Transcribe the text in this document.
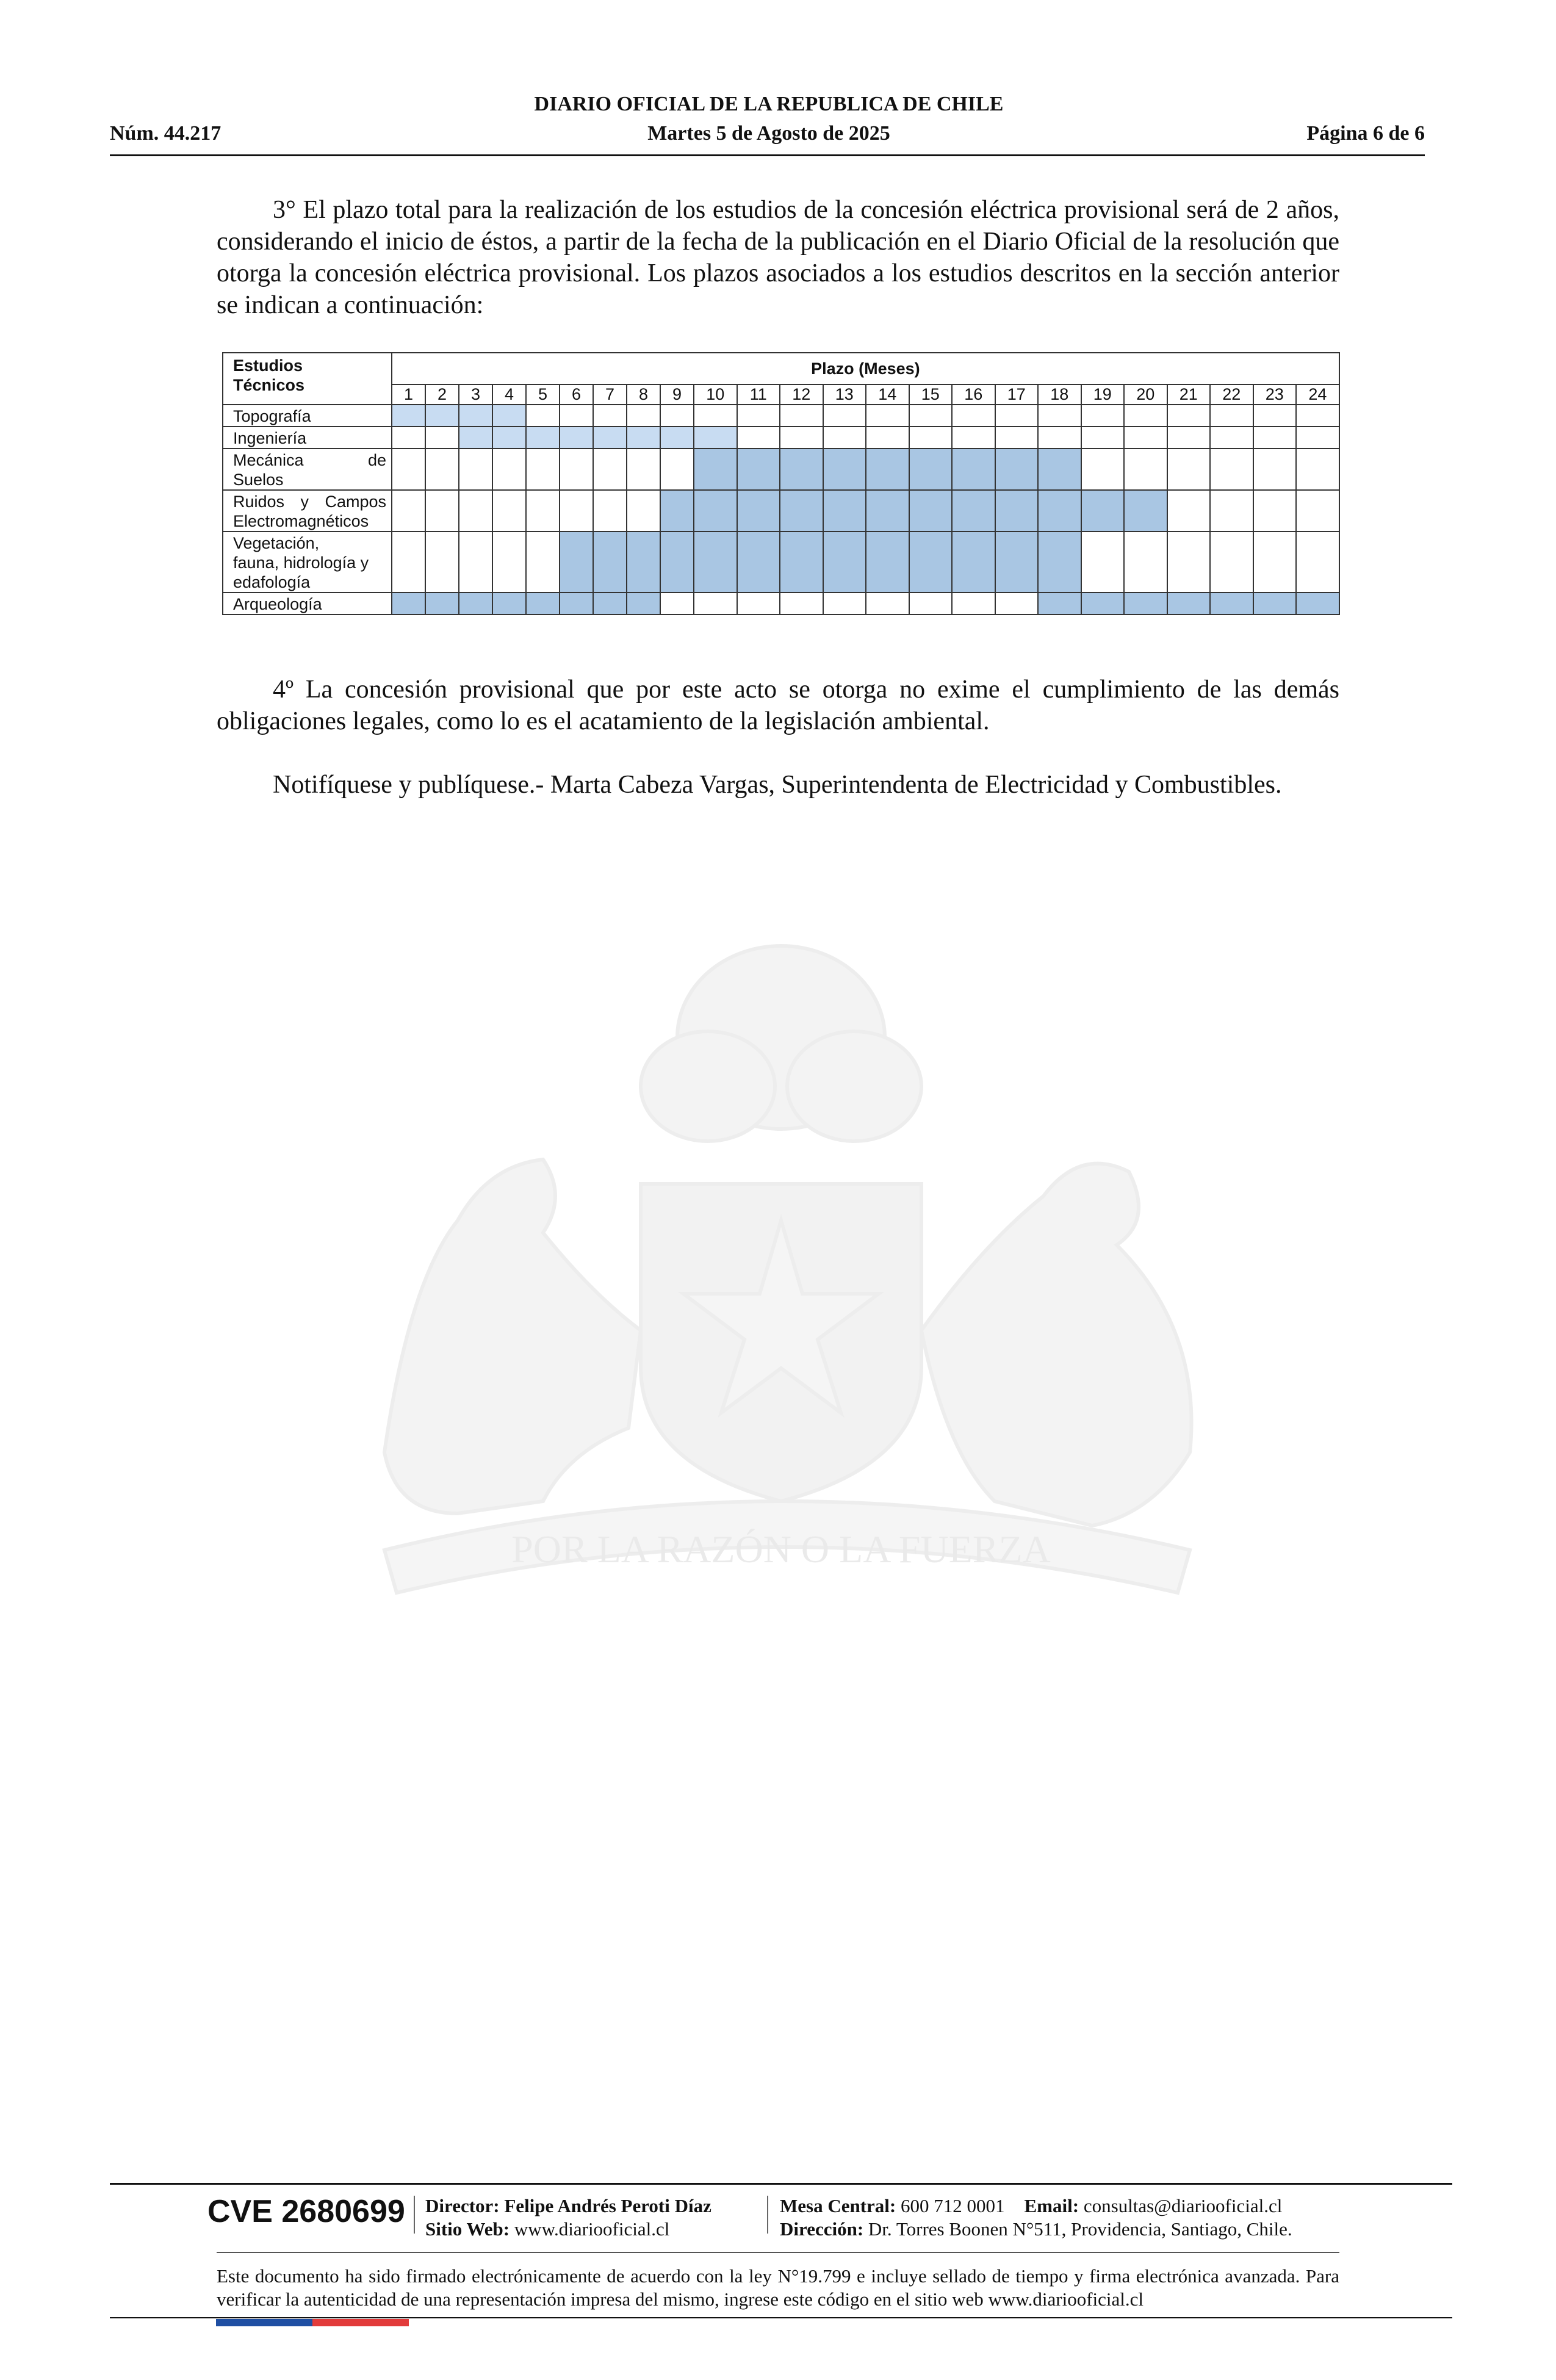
DIARIO OFICIAL DE LA REPUBLICA DE CHILE
Núm. 44.217	Martes 5 de Agosto de 2025	Página 6 de 6
3° El plazo total para la realización de los estudios de la concesión eléctrica provisional será de 2 años, considerando el inicio de éstos, a partir de la fecha de la publicación en el Diario Oficial de la resolución que otorga la concesión eléctrica provisional. Los plazos asociados a los estudios descritos en la sección anterior se indican a continuación:
Estudios
Técnicos	Plazo (Meses)																							
	1	2	3	4	5	6	7	8	9	10	11	12	13	14	15	16	17	18	19	20	21	22	23	24

Topografía																								

Ingeniería																								

Mecánica de
Suelos																								

Ruidos y Campos
Electromagnéticos																								

Vegetación,
fauna, hidrología y
edafología																								

Arqueología																								

4º La concesión provisional que por este acto se otorga no exime el cumplimiento de las demás obligaciones legales, como lo es el acatamiento de la legislación ambiental.
Notifíquese y publíquese.- Marta Cabeza Vargas, Superintendenta de Electricidad y Combustibles.
POR LA RAZÓN O LA FUERZA
CVE 2680699 Director: Felipe Andrés Peroti Díaz
Sitio Web: www.diariooficial.cl
Mesa Central: 600 712 0001 Email: consultas@diariooficial.cl
Dirección: Dr. Torres Boonen N°511, Providencia, Santiago, Chile.
Este documento ha sido firmado electrónicamente de acuerdo con la ley N°19.799 e incluye sellado de tiempo y firma electrónica avanzada. Para verificar la autenticidad de una representación impresa del mismo, ingrese este código en el sitio web www.diariooficial.cl
